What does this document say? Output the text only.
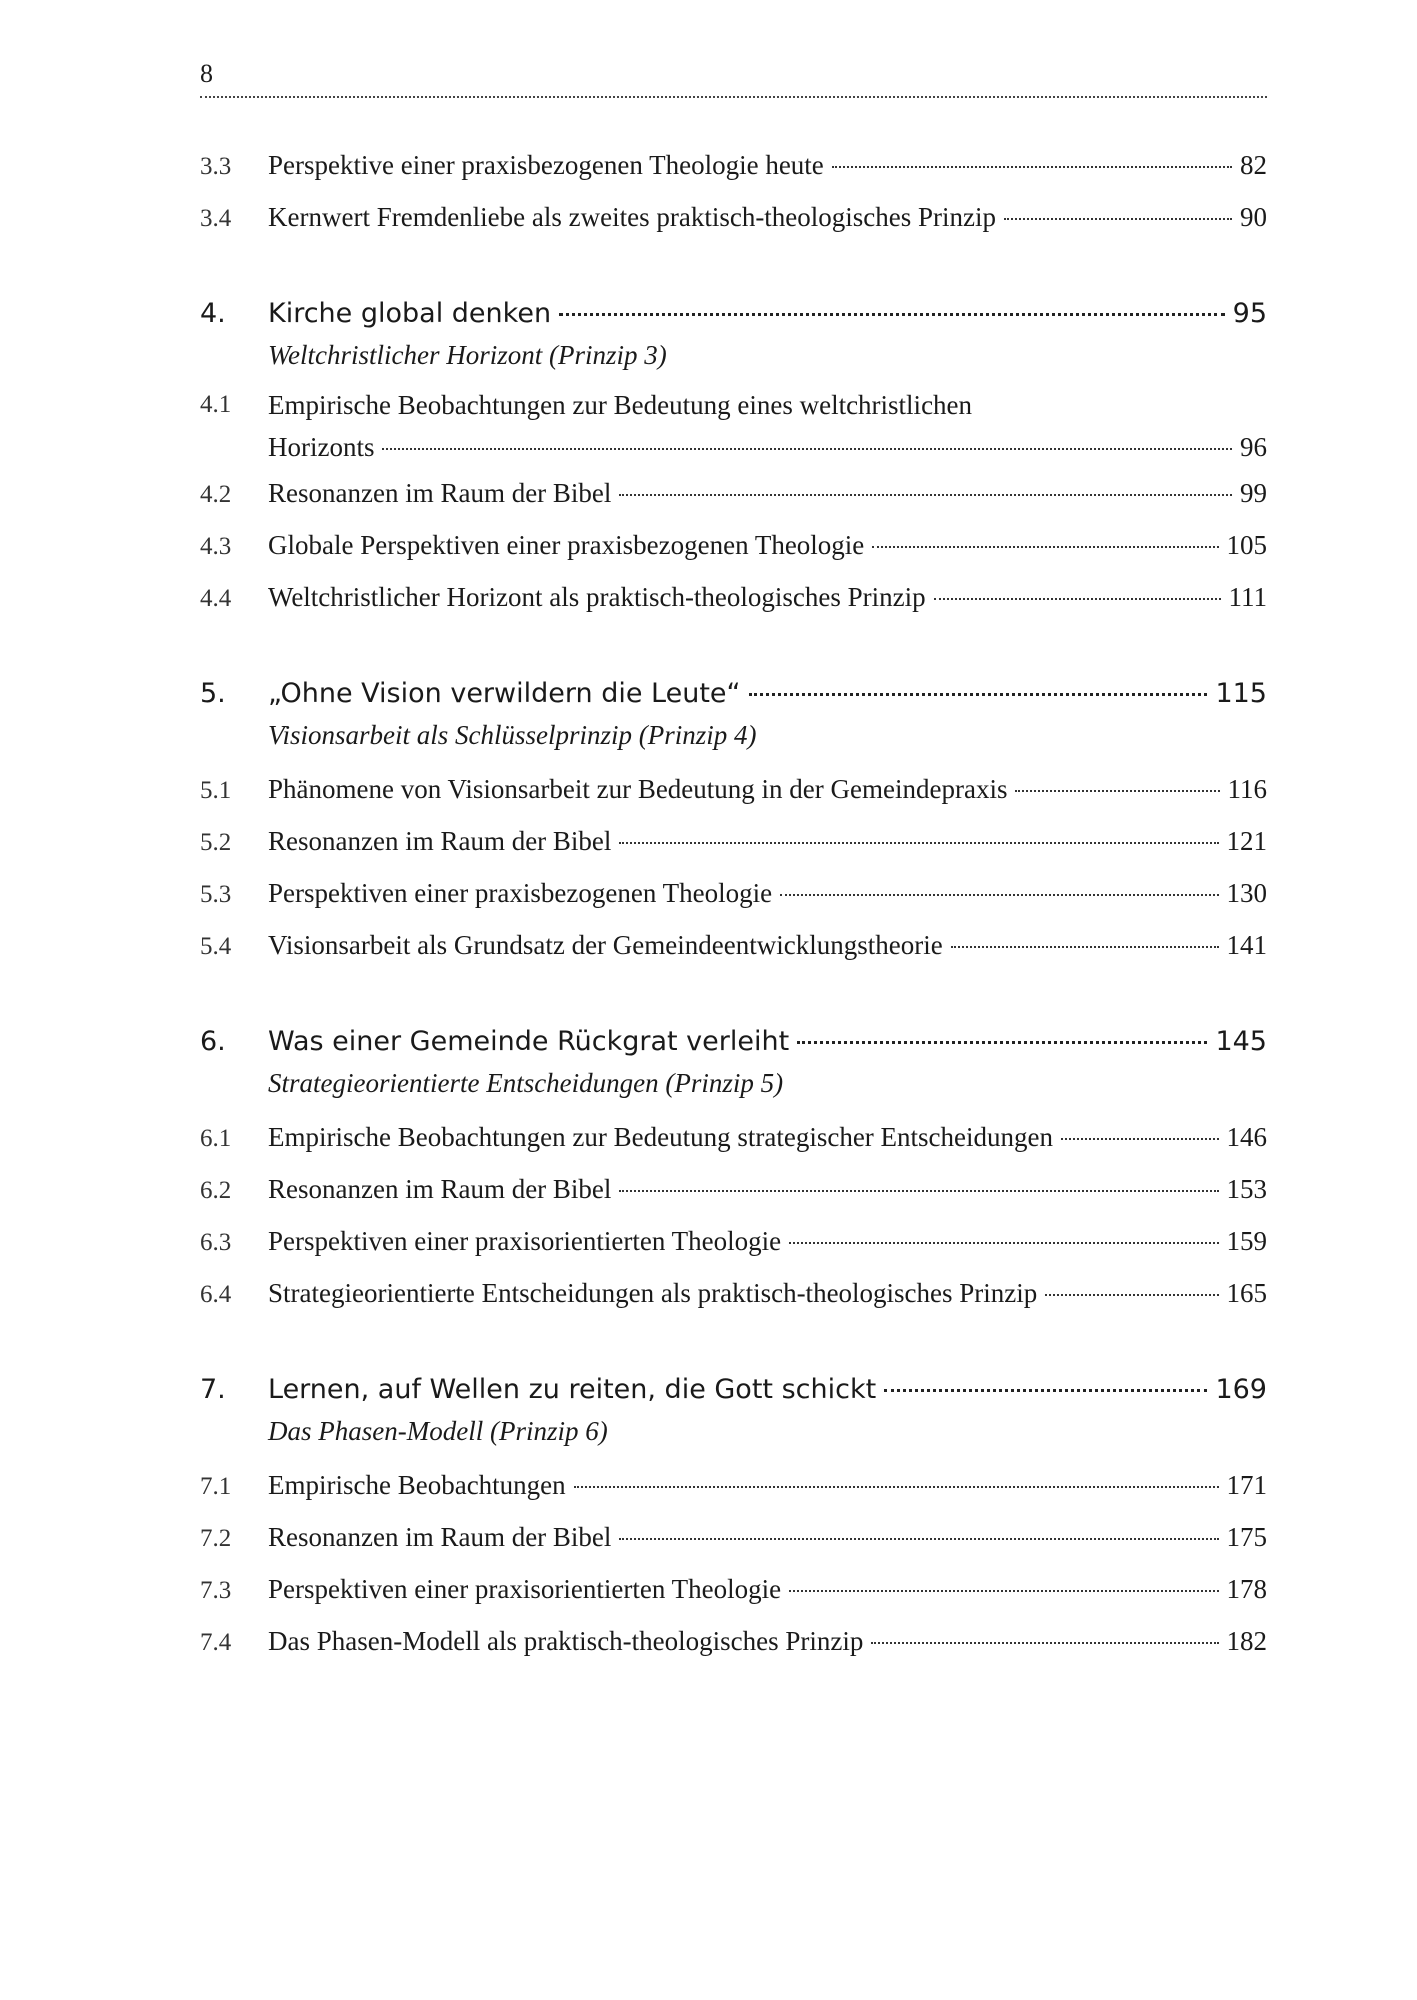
8
3.3	Perspektive einer praxisbezogenen Theologie heute	82
3.4	Kernwert Fremdenliebe als zweites praktisch-theologisches Prinzip	90
4.	Kirche global denken	95
Weltchristlicher Horizont (Prinzip 3)
4.1	Empirische Beobachtungen zur Bedeutung eines weltchristlichen
Horizonts	96
4.2	Resonanzen im Raum der Bibel	99
4.3	Globale Perspektiven einer praxisbezogenen Theologie	105
4.4	Weltchristlicher Horizont als praktisch-theologisches Prinzip	111
5.	„Ohne Vision verwildern die Leute“	115
Visionsarbeit als Schlüsselprinzip (Prinzip 4)
5.1	Phänomene von Visionsarbeit zur Bedeutung in der Gemeindepraxis	116
5.2	Resonanzen im Raum der Bibel	121
5.3	Perspektiven einer praxisbezogenen Theologie	130
5.4	Visionsarbeit als Grundsatz der Gemeindeentwicklungstheorie	141
6.	Was einer Gemeinde Rückgrat verleiht	145
Strategieorientierte Entscheidungen (Prinzip 5)
6.1	Empirische Beobachtungen zur Bedeutung strategischer Entscheidungen	146
6.2	Resonanzen im Raum der Bibel	153
6.3	Perspektiven einer praxisorientierten Theologie	159
6.4	Strategieorientierte Entscheidungen als praktisch-theologisches Prinzip	165
7.	Lernen, auf Wellen zu reiten, die Gott schickt	169
Das Phasen-Modell (Prinzip 6)
7.1	Empirische Beobachtungen	171
7.2	Resonanzen im Raum der Bibel	175
7.3	Perspektiven einer praxisorientierten Theologie	178
7.4	Das Phasen-Modell als praktisch-theologisches Prinzip	182
